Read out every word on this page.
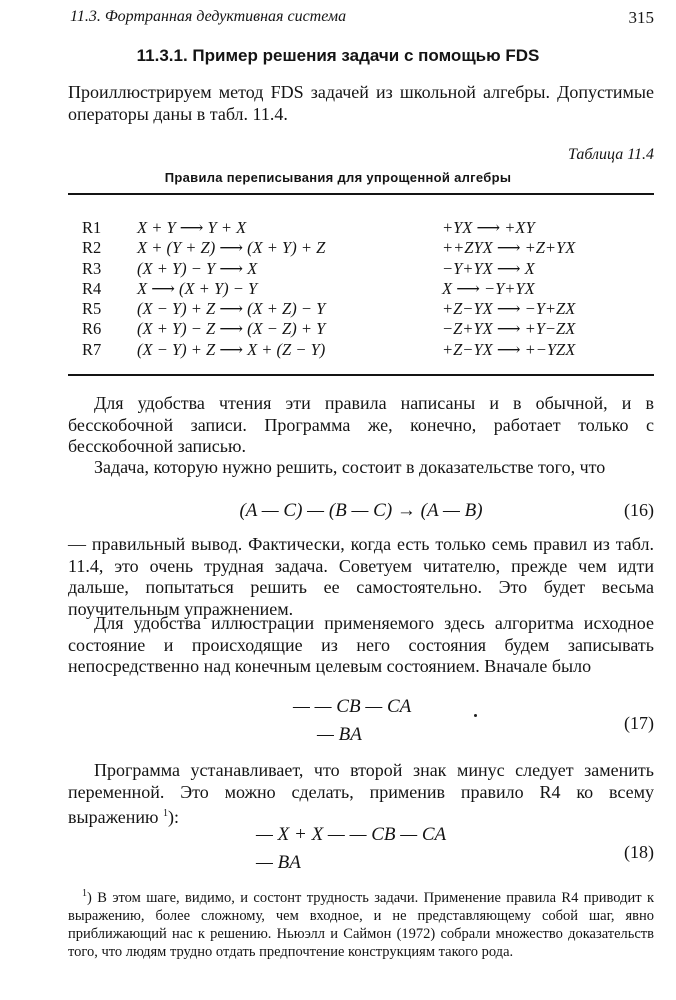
11.3. Фортранная дедуктивная система	315
11.3.1. Пример решения задачи с помощью FDS
Проиллюстрируем метод FDS задачей из школьной алгебры. Допустимые операторы даны в табл. 11.4.
Таблица 11.4
Правила переписывания для упрощенной алгебры
R1 X + Y ⟶ Y + X	+YX ⟶ +XY
R2 X + (Y + Z) ⟶ (X + Y) + Z	++ZYX ⟶ +Z+YX
R3 (X + Y) − Y ⟶ X	−Y+YX ⟶ X
R4 X ⟶ (X + Y) − Y	X ⟶ −Y+YX
R5 (X − Y) + Z ⟶ (X + Z) − Y	+Z−YX ⟶ −Y+ZX
R6 (X + Y) − Z ⟶ (X − Z) + Y	−Z+YX ⟶ +Y−ZX
R7 (X − Y) + Z ⟶ X + (Z − Y)	+Z−YX ⟶ +−YZX
Для удобства чтения эти правила написаны и в обычной, и в бесскобочной записи. Программа же, конечно, работает только с бесскобочной записью.
Задача, которую нужно решить, состоит в доказательстве того, что
(A — C) — (B — C) → (A — B)	(16)
— правильный вывод. Фактически, когда есть только семь правил из табл. 11.4, это очень трудная задача. Советуем читателю, прежде чем идти дальше, попытаться решить ее самостоятельно. Это будет весьма поучительным упражнением.
Для удобства иллюстрации применяемого здесь алгоритма исходное состояние и происходящие из него состояния будем записывать непосредственно над конечным целевым состоянием. Вначале было
— — CB — CA
— BA
(17)
Программа устанавливает, что второй знак минус следует заменить переменной. Это можно сделать, применив правило R4 ко всему выражению $^1$):
— X + X — — CB — CA
— BA	(18)
$^1$) В этом шаге, видимо, и состонт трудность задачи. Применение правила R4 приводит к выражению, более сложному, чем входное, и не представляющему собой шаг, явно приближающий нас к решению. Ньюэлл и Саймон (1972) собрали множество доказательств того, что людям трудно отдать предпочтение конструкциям такого рода.
